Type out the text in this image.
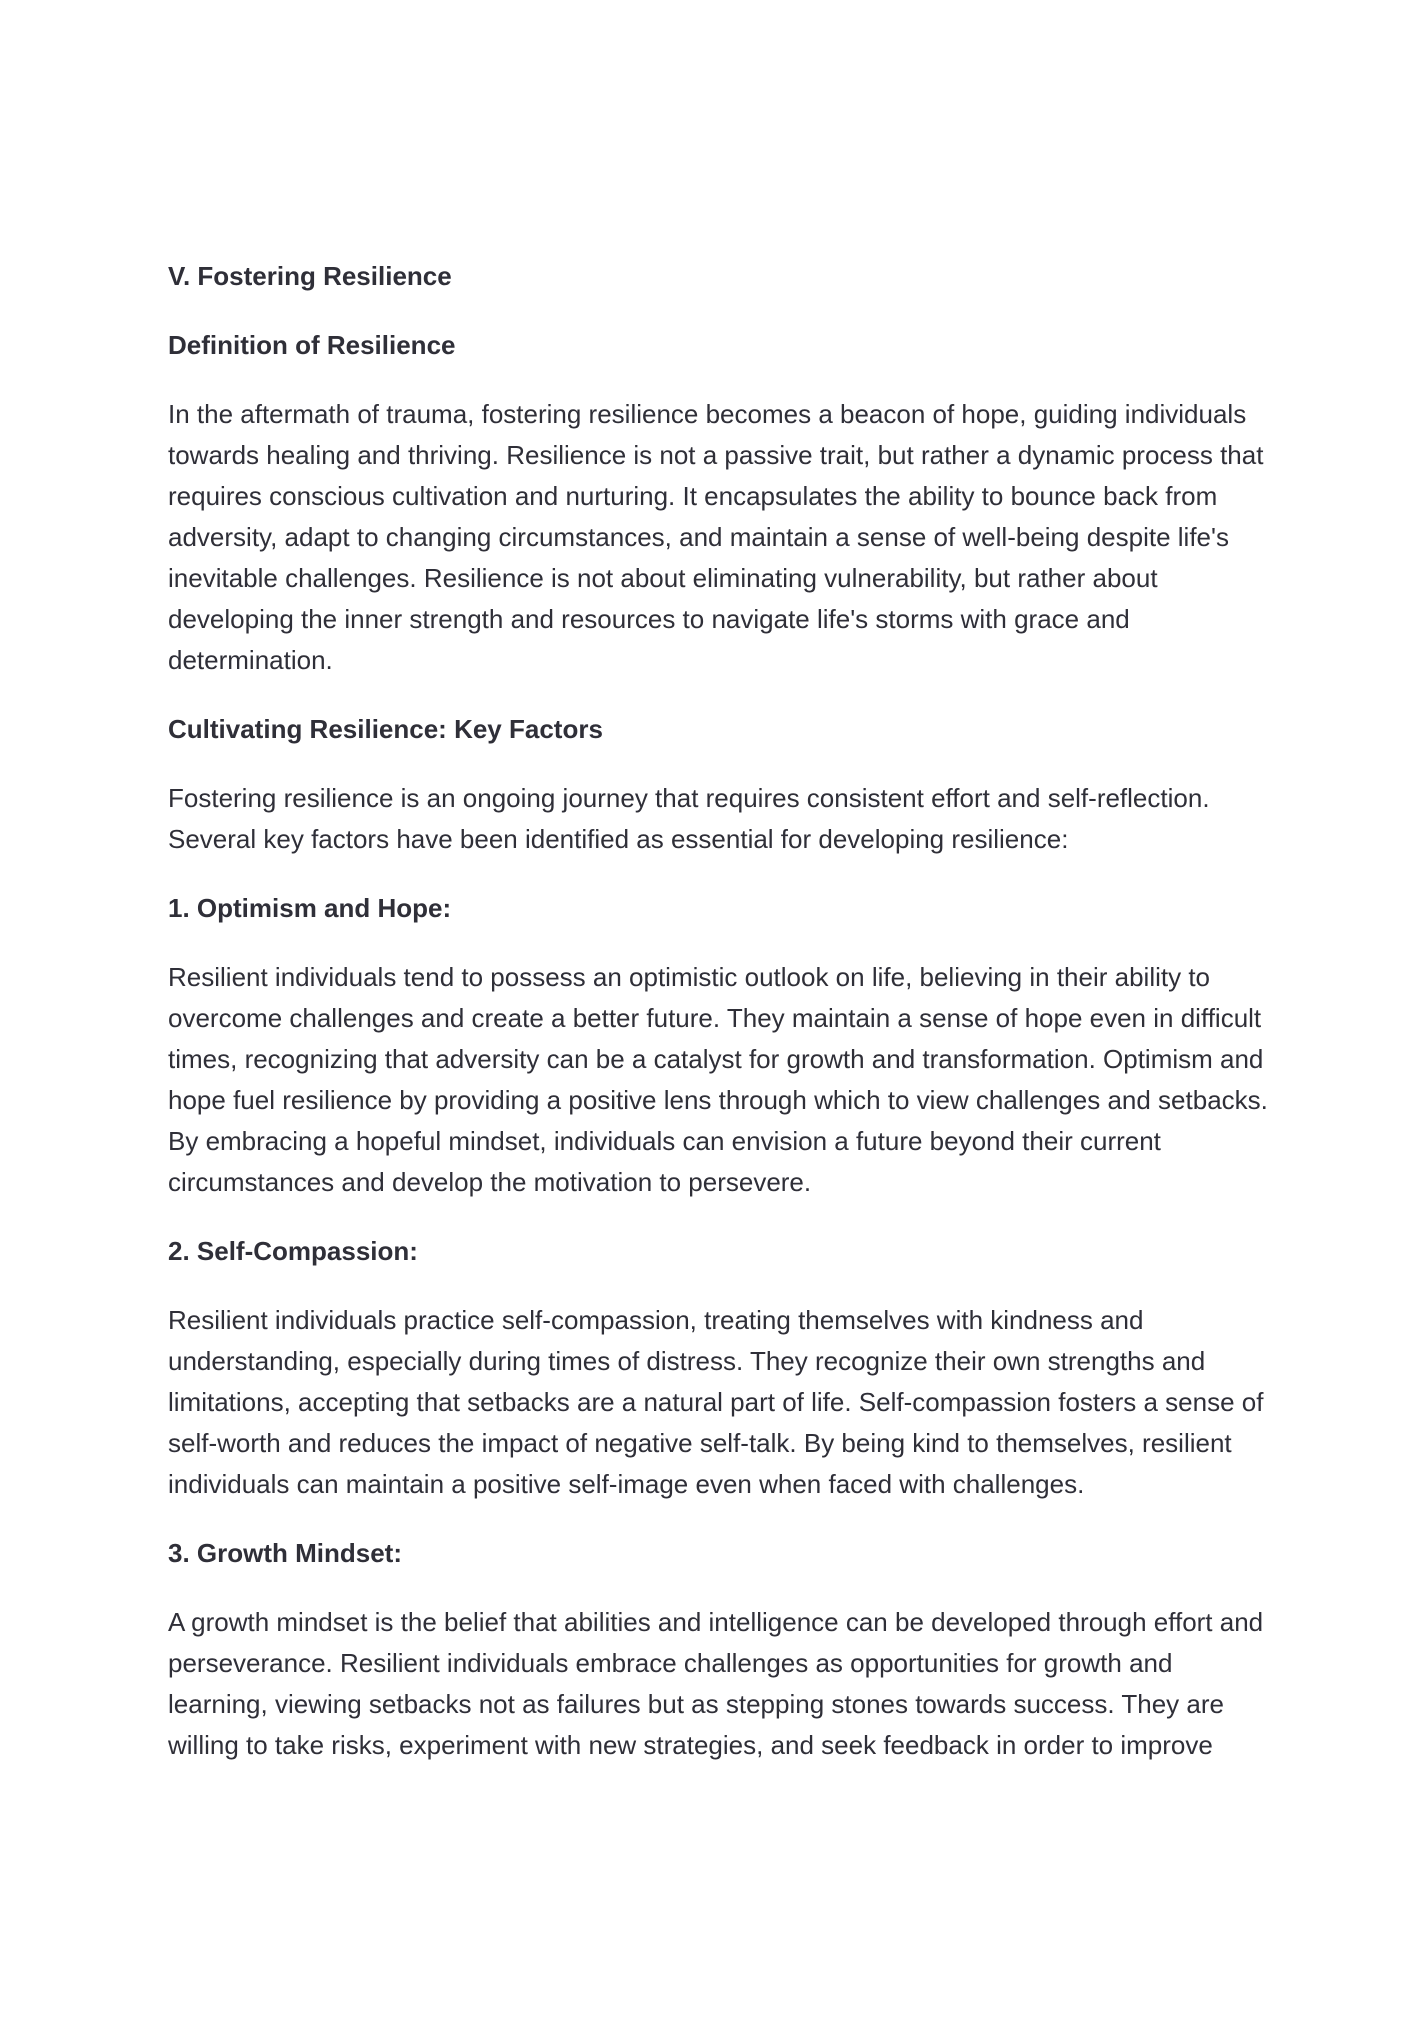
V. Fostering Resilience

Definition of Resilience

In the aftermath of trauma, fostering resilience becomes a beacon of hope, guiding individuals towards healing and thriving. Resilience is not a passive trait, but rather a dynamic process that requires conscious cultivation and nurturing. It encapsulates the ability to bounce back from adversity, adapt to changing circumstances, and maintain a sense of well-being despite life's inevitable challenges. Resilience is not about eliminating vulnerability, but rather about developing the inner strength and resources to navigate life's storms with grace and determination.

Cultivating Resilience: Key Factors

Fostering resilience is an ongoing journey that requires consistent effort and self-reflection. Several key factors have been identified as essential for developing resilience:

1. Optimism and Hope:

Resilient individuals tend to possess an optimistic outlook on life, believing in their ability to overcome challenges and create a better future. They maintain a sense of hope even in difficult times, recognizing that adversity can be a catalyst for growth and transformation. Optimism and hope fuel resilience by providing a positive lens through which to view challenges and setbacks. By embracing a hopeful mindset, individuals can envision a future beyond their current circumstances and develop the motivation to persevere.

2. Self-Compassion:

Resilient individuals practice self-compassion, treating themselves with kindness and understanding, especially during times of distress. They recognize their own strengths and limitations, accepting that setbacks are a natural part of life. Self-compassion fosters a sense of self-worth and reduces the impact of negative self-talk. By being kind to themselves, resilient individuals can maintain a positive self-image even when faced with challenges.

3. Growth Mindset:

A growth mindset is the belief that abilities and intelligence can be developed through effort and perseverance. Resilient individuals embrace challenges as opportunities for growth and learning, viewing setbacks not as failures but as stepping stones towards success. They are willing to take risks, experiment with new strategies, and seek feedback in order to improve
